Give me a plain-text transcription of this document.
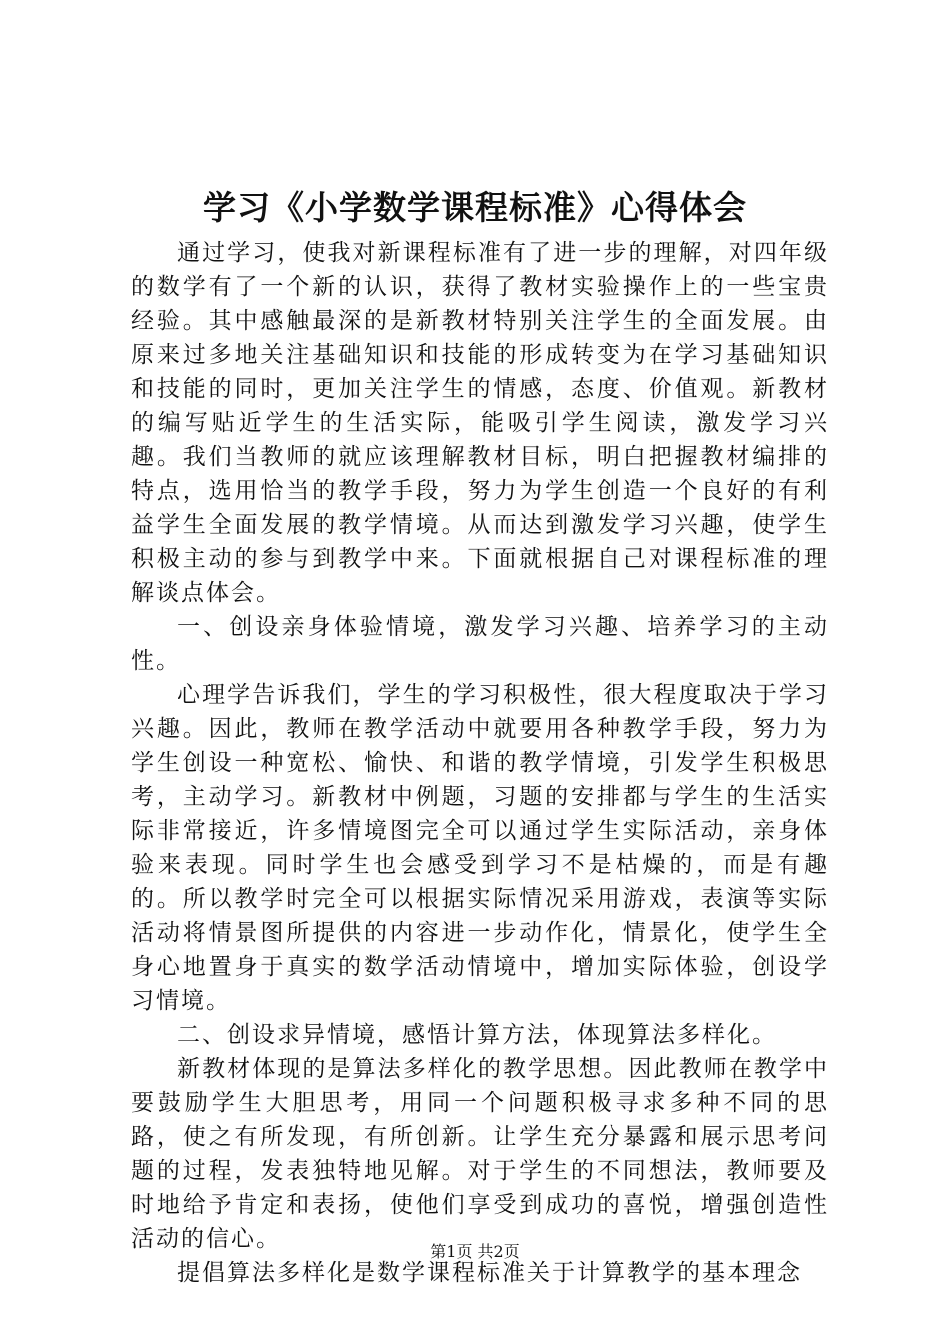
学习《小学数学课程标准》心得体会

通过学习，使我对新课程标准有了进一步的理解，对四年级的数学有了一个新的认识，获得了教材实验操作上的一些宝贵经验。其中感触最深的是新教材特别关注学生的全面发展。由原来过多地关注基础知识和技能的形成转变为在学习基础知识和技能的同时，更加关注学生的情感，态度、价值观。新教材的编写贴近学生的生活实际，能吸引学生阅读，激发学习兴趣。我们当教师的就应该理解教材目标，明白把握教材编排的特点，选用恰当的教学手段，努力为学生创造一个良好的有利益学生全面发展的教学情境。从而达到激发学习兴趣，使学生积极主动的参与到教学中来。下面就根据自己对课程标准的理解谈点体会。

一、创设亲身体验情境，激发学习兴趣、培养学习的主动性。

心理学告诉我们，学生的学习积极性，很大程度取决于学习兴趣。因此，教师在教学活动中就要用各种教学手段，努力为学生创设一种宽松、愉快、和谐的教学情境，引发学生积极思考，主动学习。新教材中例题，习题的安排都与学生的生活实际非常接近，许多情境图完全可以通过学生实际活动，亲身体验来表现。同时学生也会感受到学习不是枯燥的，而是有趣的。所以教学时完全可以根据实际情况采用游戏，表演等实际活动将情景图所提供的内容进一步动作化，情景化，使学生全身心地置身于真实的数学活动情境中，增加实际体验，创设学习情境。

二、创设求异情境，感悟计算方法，体现算法多样化。

新教材体现的是算法多样化的教学思想。因此教师在教学中要鼓励学生大胆思考，用同一个问题积极寻求多种不同的思路，使之有所发现，有所创新。让学生充分暴露和展示思考问题的过程，发表独特地见解。对于学生的不同想法，教师要及时地给予肯定和表扬，使他们享受到成功的喜悦，增强创造性活动的信心。

提倡算法多样化是数学课程标准关于计算教学的基本理念

第1页 共2页
